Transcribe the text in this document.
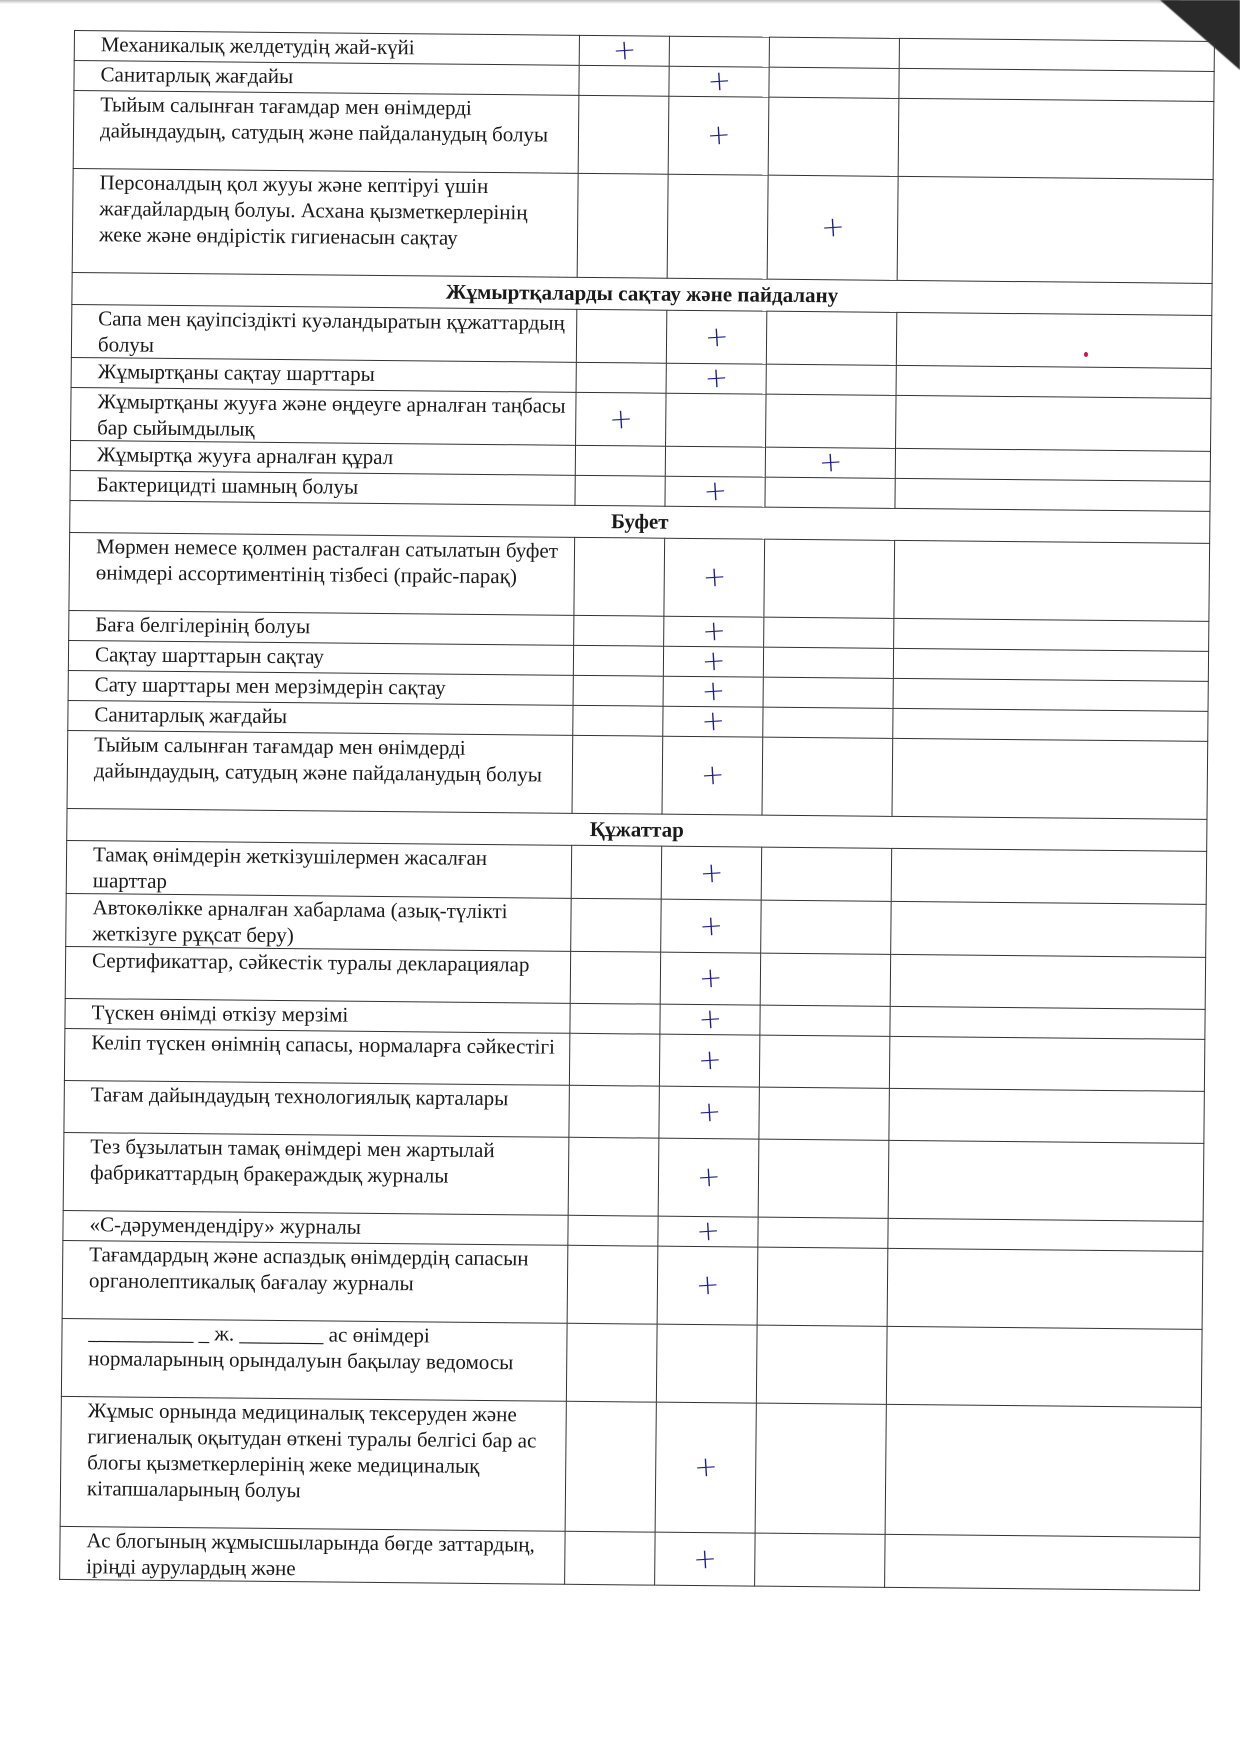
Механикалық желдетудің жай-күйі	+			
Санитарлық жағдайы		+		
Тыйым салынған тағамдар мен өнімдерді дайындаудың, сатудың және пайдаланудың болуы		+		
Персоналдың қол жууы және кептіруі үшін жағдайлардың болуы. Асхана қызметкерлерінің жеке және өндірістік гигиенасын сақтау			+	
Жұмыртқаларды сақтау және пайдалану				
Сапа мен қауіпсіздікті куәландыратын құжаттардың болуы		+		
Жұмыртқаны сақтау шарттары		+		
Жұмыртқаны жууға және өңдеуге арналған таңбасы бар сыйымдылық	+			
Жұмыртқа жууға арналған құрал			+	
Бактерицидті шамның болуы		+		
Буфет				
Мөрмен немесе қолмен расталған сатылатын буфет өнімдері ассортиментінің тізбесі (прайс-парақ)		+		
Баға белгілерінің болуы		+		
Сақтау шарттарын сақтау		+		
Сату шарттары мен мерзімдерін сақтау		+		
Санитарлық жағдайы		+		
Тыйым салынған тағамдар мен өнімдерді дайындаудың, сатудың және пайдаланудың болуы		+		
Құжаттар				
Тамақ өнімдерін жеткізушілермен жасалған шарттар		+		
Автокөлікке арналған хабарлама (азық-түлікті жеткізуге рұқсат беру)		+		
Сертификаттар, сәйкестік туралы декларациялар		+		
Түскен өнімді өткізу мерзімі		+		
Келіп түскен өнімнің сапасы, нормаларға сәйкестігі		+		
Тағам дайындаудың технологиялық карталары		+		
Тез бұзылатын тамақ өнімдері мен жартылай фабрикаттардың бракераждық журналы		+		
«С-дәрумендендіру» журналы		+		
Тағамдардың және аспаздық өнімдердің сапасын органолептикалық бағалау журналы		+		
__________ _ ж. ________ ас өнімдері нормаларының орындалуын бақылау ведомосы				
Жұмыс орнында медициналық тексеруден және гигиеналық оқытудан өткені туралы белгісі бар ас блогы қызметкерлерінің жеке медициналық кітапшаларының болуы		+		
Ас блогының жұмысшыларында бөгде заттардың, іріңді аурулардың және		+		
